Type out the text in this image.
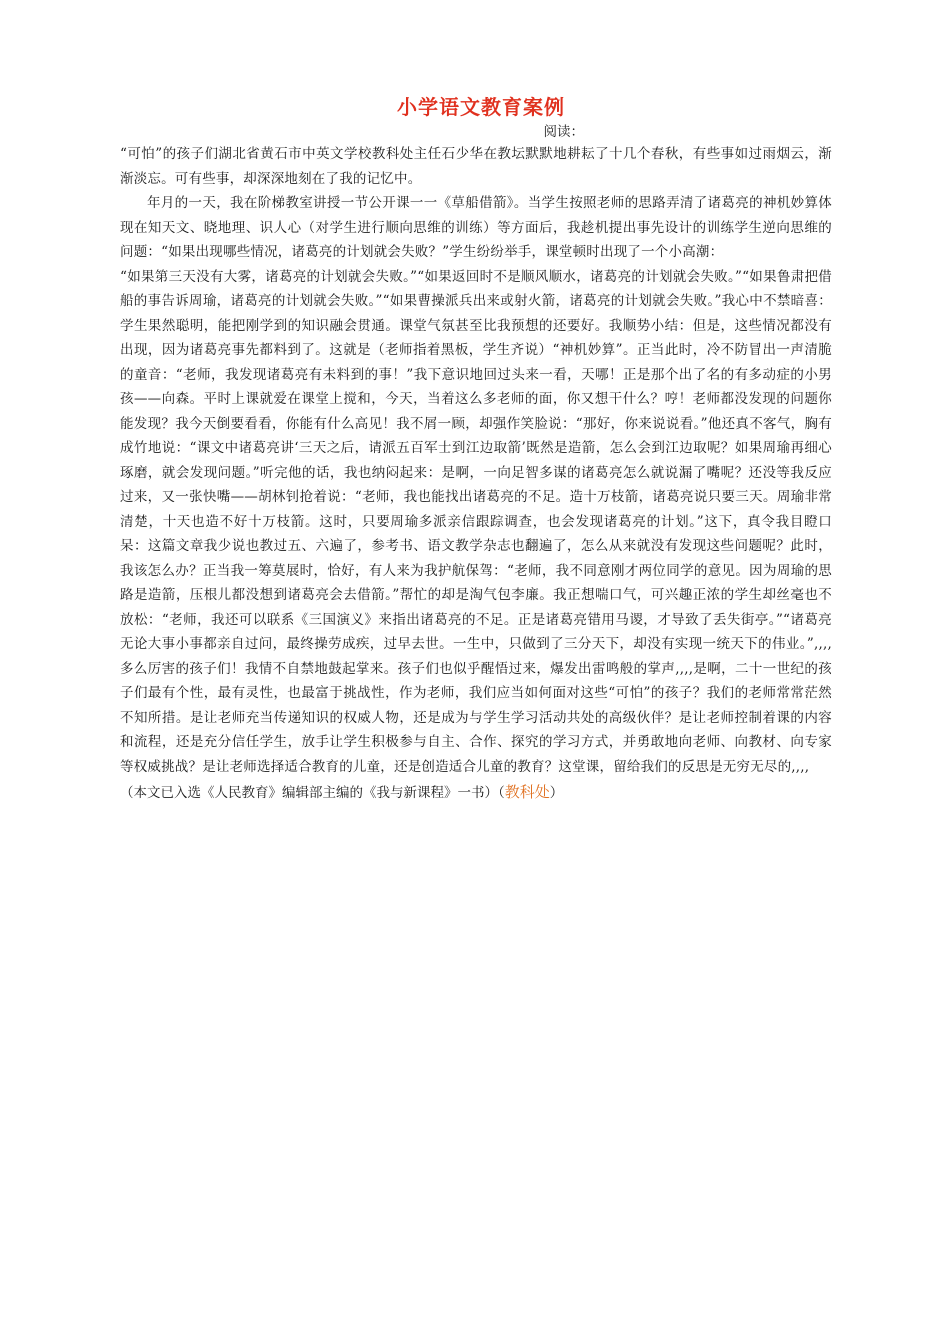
小学语文教育案例

阅读：

“可怕”的孩子们湖北省黄石市中英文学校教科处主任石少华在教坛默默地耕耘了十几个春秋，有些事如过雨烟云，渐渐淡忘。可有些事，却深深地刻在了我的记忆中。

年月的一天，我在阶梯教室讲授一节公开课一一《草船借箭》。当学生按照老师的思路弄清了诸葛亮的神机妙算体现在知天文、晓地理、识人心（对学生进行顺向思维的训练）等方面后，我趁机提出事先设计的训练学生逆向思维的问题：“如果出现哪些情况，诸葛亮的计划就会失败？”学生纷纷举手，课堂顿时出现了一个小高潮：

“如果第三天没有大雾，诸葛亮的计划就会失败。”“如果返回时不是顺风顺水，诸葛亮的计划就会失败。”“如果鲁肃把借船的事告诉周瑜，诸葛亮的计划就会失败。”“如果曹操派兵出来或射火箭，诸葛亮的计划就会失败。”我心中不禁暗喜：学生果然聪明，能把刚学到的知识融会贯通。课堂气氛甚至比我预想的还要好。我顺势小结：但是，这些情况都没有出现，因为诸葛亮事先都料到了。这就是（老师指着黑板，学生齐说）“神机妙算”。正当此时，冷不防冒出一声清脆的童音：“老师，我发现诸葛亮有未料到的事！”我下意识地回过头来一看，天哪！正是那个出了名的有多动症的小男孩——向森。平时上课就爱在课堂上搅和，今天，当着这么多老师的面，你又想干什么？哼！老师都没发现的问题你能发现？我今天倒要看看，你能有什么高见！我不屑一顾，却强作笑脸说：“那好，你来说说看。”他还真不客气，胸有成竹地说：“课文中诸葛亮讲‘三天之后，请派五百军士到江边取箭’既然是造箭，怎么会到江边取呢？如果周瑜再细心琢磨，就会发现问题。”听完他的话，我也纳闷起来：是啊，一向足智多谋的诸葛亮怎么就说漏了嘴呢？还没等我反应过来，又一张快嘴——胡林钊抢着说：“老师，我也能找出诸葛亮的不足。造十万枝箭，诸葛亮说只要三天。周瑜非常清楚，十天也造不好十万枝箭。这时，只要周瑜多派亲信跟踪调查，也会发现诸葛亮的计划。”这下，真令我目瞪口呆：这篇文章我少说也教过五、六遍了，参考书、语文教学杂志也翻遍了，怎么从来就没有发现这些问题呢？此时，我该怎么办？正当我一筹莫展时，恰好，有人来为我护航保驾：“老师，我不同意刚才两位同学的意见。因为周瑜的思路是造箭，压根儿都没想到诸葛亮会去借箭。”帮忙的却是淘气包李廉。我正想喘口气，可兴趣正浓的学生却丝毫也不放松：“老师，我还可以联系《三国演义》来指出诸葛亮的不足。正是诸葛亮错用马谡，才导致了丢失街亭。”“诸葛亮无论大事小事都亲自过问，最终操劳成疾，过早去世。一生中，只做到了三分天下，却没有实现一统天下的伟业。”,,,,多么厉害的孩子们！我情不自禁地鼓起掌来。孩子们也似乎醒悟过来，爆发出雷鸣般的掌声,,,,是啊，二十一世纪的孩子们最有个性，最有灵性，也最富于挑战性，作为老师，我们应当如何面对这些“可怕”的孩子？我们的老师常常茫然不知所措。是让老师充当传递知识的权威人物，还是成为与学生学习活动共处的高级伙伴？是让老师控制着课的内容和流程，还是充分信任学生，放手让学生积极参与自主、合作、探究的学习方式，并勇敢地向老师、向教材、向专家等权威挑战？是让老师选择适合教育的儿童，还是创造适合儿童的教育？这堂课，留给我们的反思是无穷无尽的,,,,

（本文已入选《人民教育》编辑部主编的《我与新课程》一书）（教科处）
